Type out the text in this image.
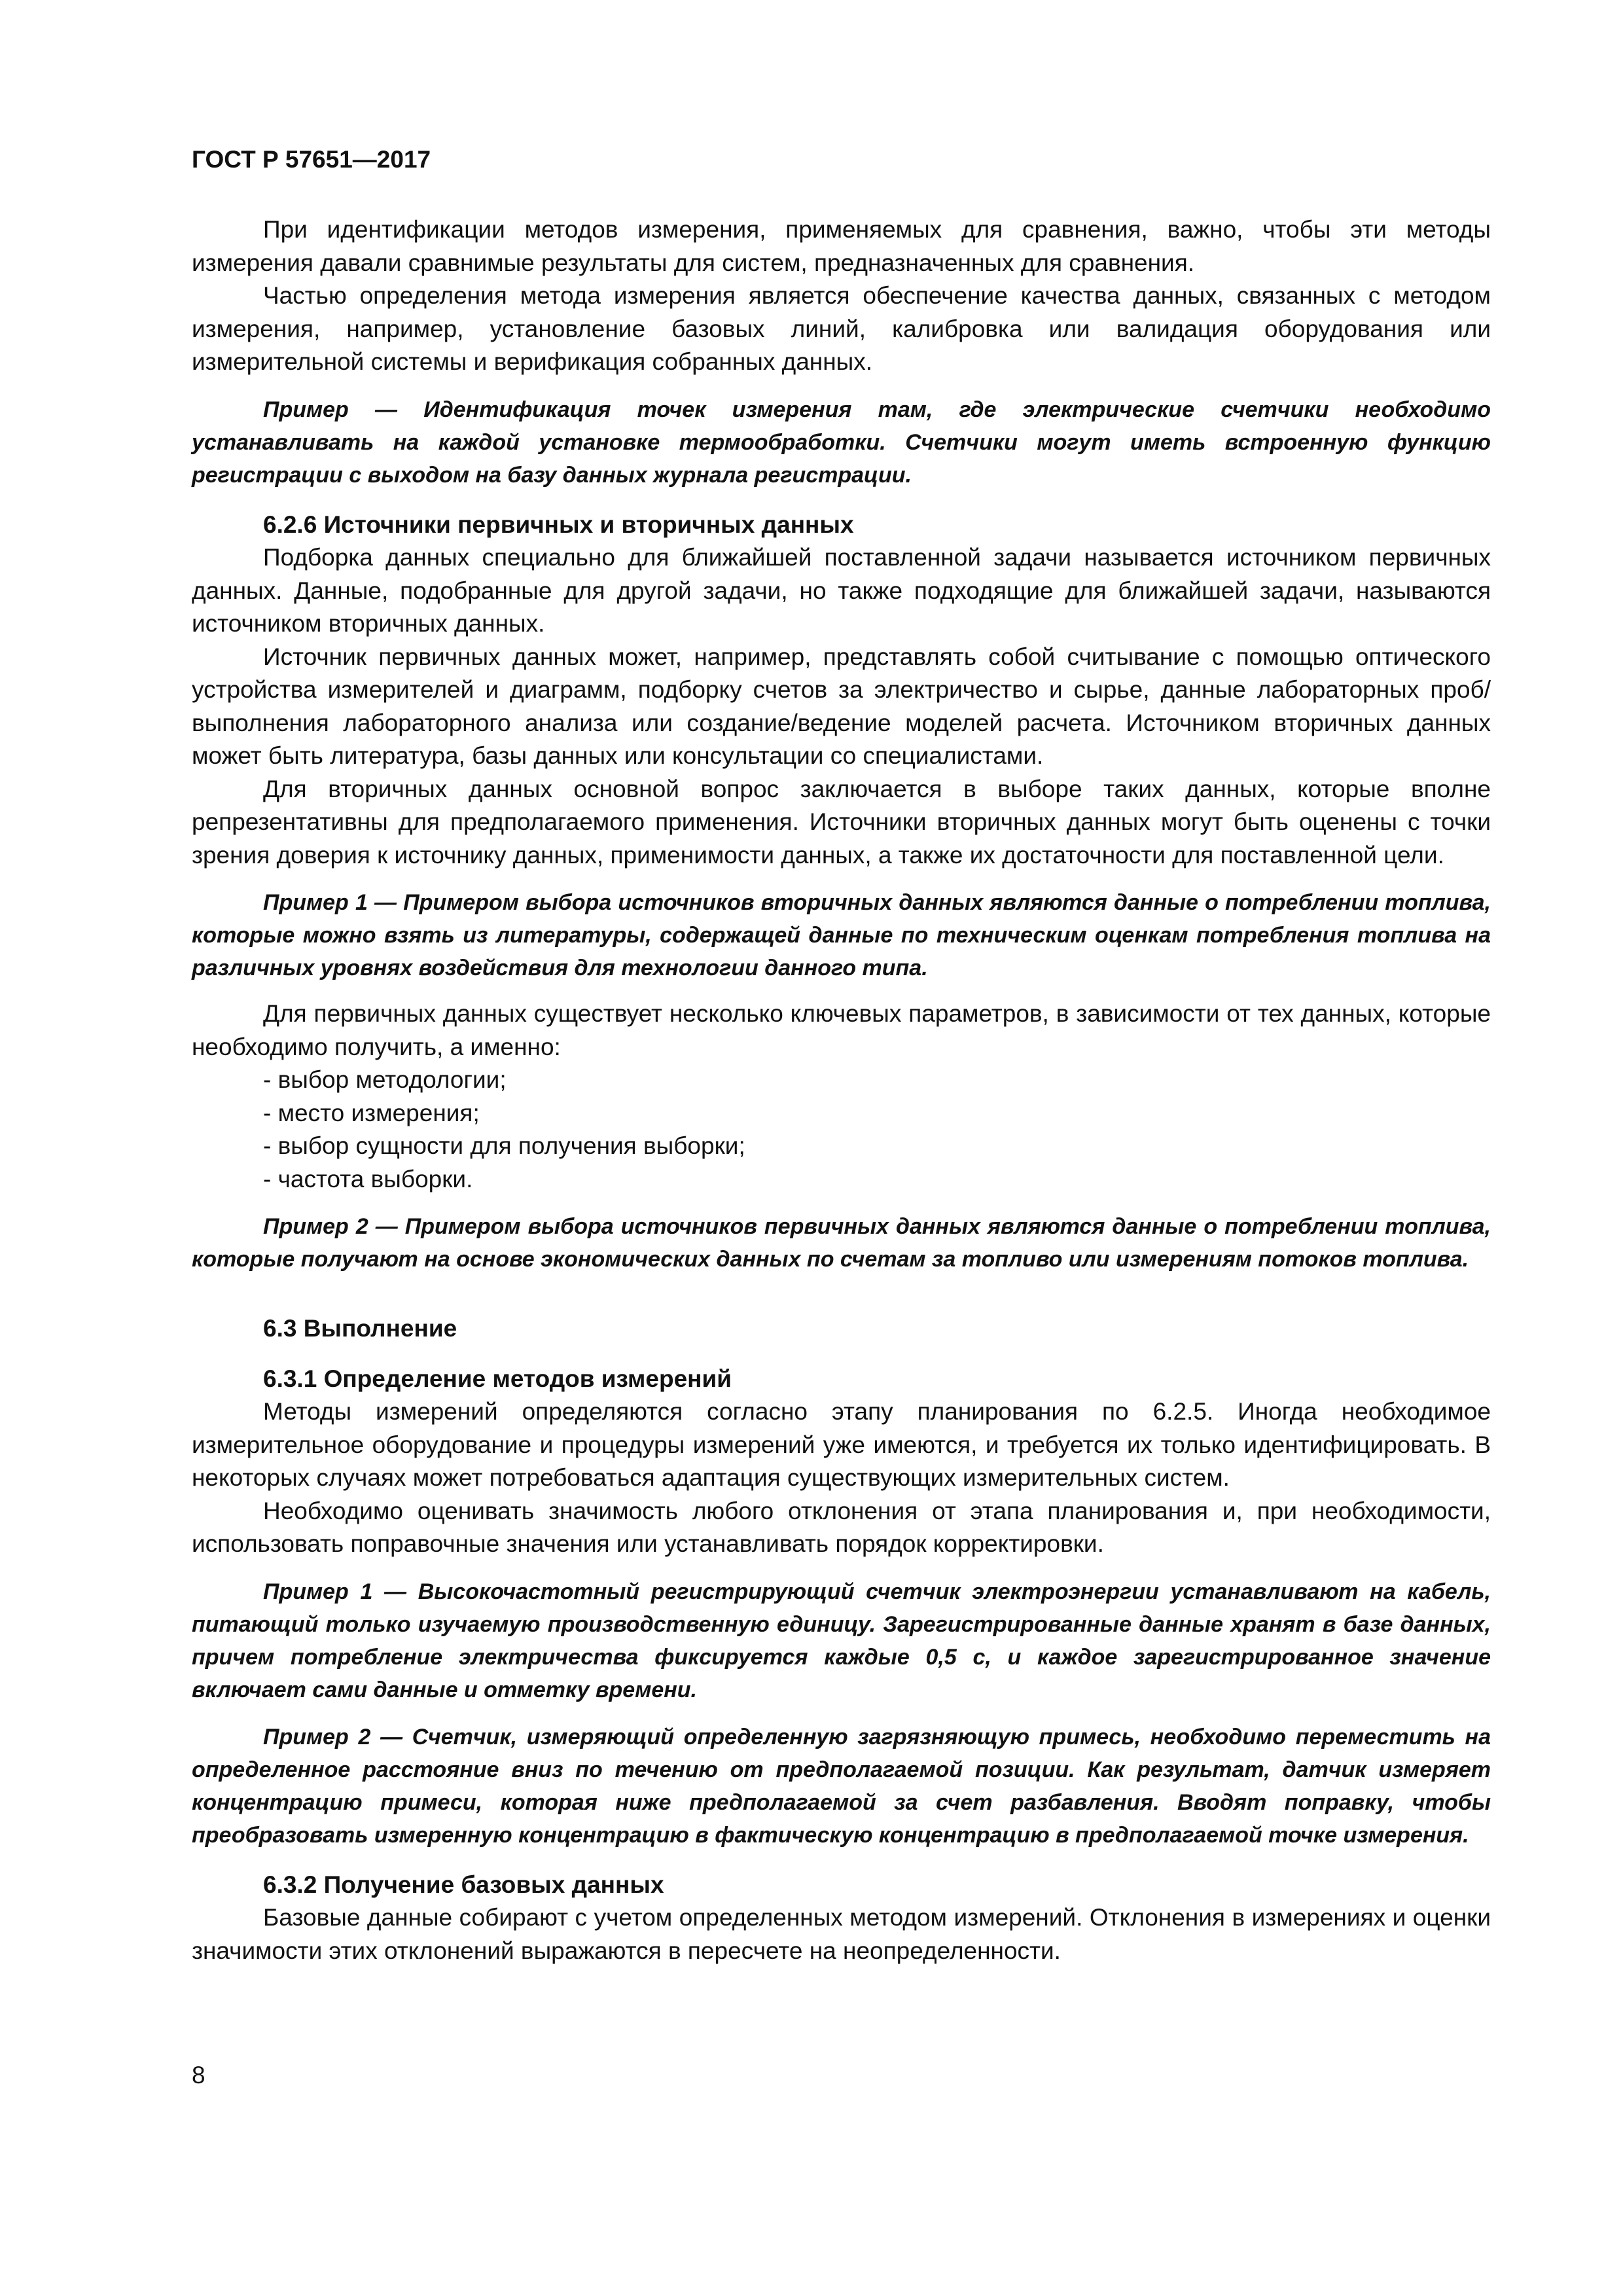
ГОСТ Р 57651—2017

При идентификации методов измерения, применяемых для сравнения, важно, чтобы эти методы измерения давали сравнимые результаты для систем, предназначенных для сравнения.

Частью определения метода измерения является обеспечение качества данных, связанных с методом измерения, например, установление базовых линий, калибровка или валидация оборудования или измерительной системы и верификация собранных данных.

Пример — Идентификация точек измерения там, где электрические счетчики необходимо устанавливать на каждой установке термообработки. Счетчики могут иметь встроенную функцию регистрации с выходом на базу данных журнала регистрации.

6.2.6 Источники первичных и вторичных данных

Подборка данных специально для ближайшей поставленной задачи называется источником первичных данных. Данные, подобранные для другой задачи, но также подходящие для ближайшей задачи, называются источником вторичных данных.

Источник первичных данных может, например, представлять собой считывание с помощью оптического устройства измерителей и диаграмм, подборку счетов за электричество и сырье, данные лабораторных проб/выполнения лабораторного анализа или создание/ведение моделей расчета. Источником вторичных данных может быть литература, базы данных или консультации со специалистами.

Для вторичных данных основной вопрос заключается в выборе таких данных, которые вполне репрезентативны для предполагаемого применения. Источники вторичных данных могут быть оценены с точки зрения доверия к источнику данных, применимости данных, а также их достаточности для поставленной цели.

Пример 1 — Примером выбора источников вторичных данных являются данные о потреблении топлива, которые можно взять из литературы, содержащей данные по техническим оценкам потребления топлива на различных уровнях воздействия для технологии данного типа.

Для первичных данных существует несколько ключевых параметров, в зависимости от тех данных, которые необходимо получить, а именно:

- выбор методологии;
- место измерения;
- выбор сущности для получения выборки;
- частота выборки.

Пример 2 — Примером выбора источников первичных данных являются данные о потреблении топлива, которые получают на основе экономических данных по счетам за топливо или измерениям потоков топлива.

6.3 Выполнение
6.3.1 Определение методов измерений

Методы измерений определяются согласно этапу планирования по 6.2.5. Иногда необходимое измерительное оборудование и процедуры измерений уже имеются, и требуется их только идентифицировать. В некоторых случаях может потребоваться адаптация существующих измерительных систем.

Необходимо оценивать значимость любого отклонения от этапа планирования и, при необходимости, использовать поправочные значения или устанавливать порядок корректировки.

Пример 1 — Высокочастотный регистрирующий счетчик электроэнергии устанавливают на кабель, питающий только изучаемую производственную единицу. Зарегистрированные данные хранят в базе данных, причем потребление электричества фиксируется каждые 0,5 с, и каждое зарегистрированное значение включает сами данные и отметку времени.

Пример 2 — Счетчик, измеряющий определенную загрязняющую примесь, необходимо переместить на определенное расстояние вниз по течению от предполагаемой позиции. Как результат, датчик измеряет концентрацию примеси, которая ниже предполагаемой за счет разбавления. Вводят поправку, чтобы преобразовать измеренную концентрацию в фактическую концентрацию в предполагаемой точке измерения.

6.3.2 Получение базовых данных

Базовые данные собирают с учетом определенных методом измерений. Отклонения в измерениях и оценки значимости этих отклонений выражаются в пересчете на неопределенности.

8
